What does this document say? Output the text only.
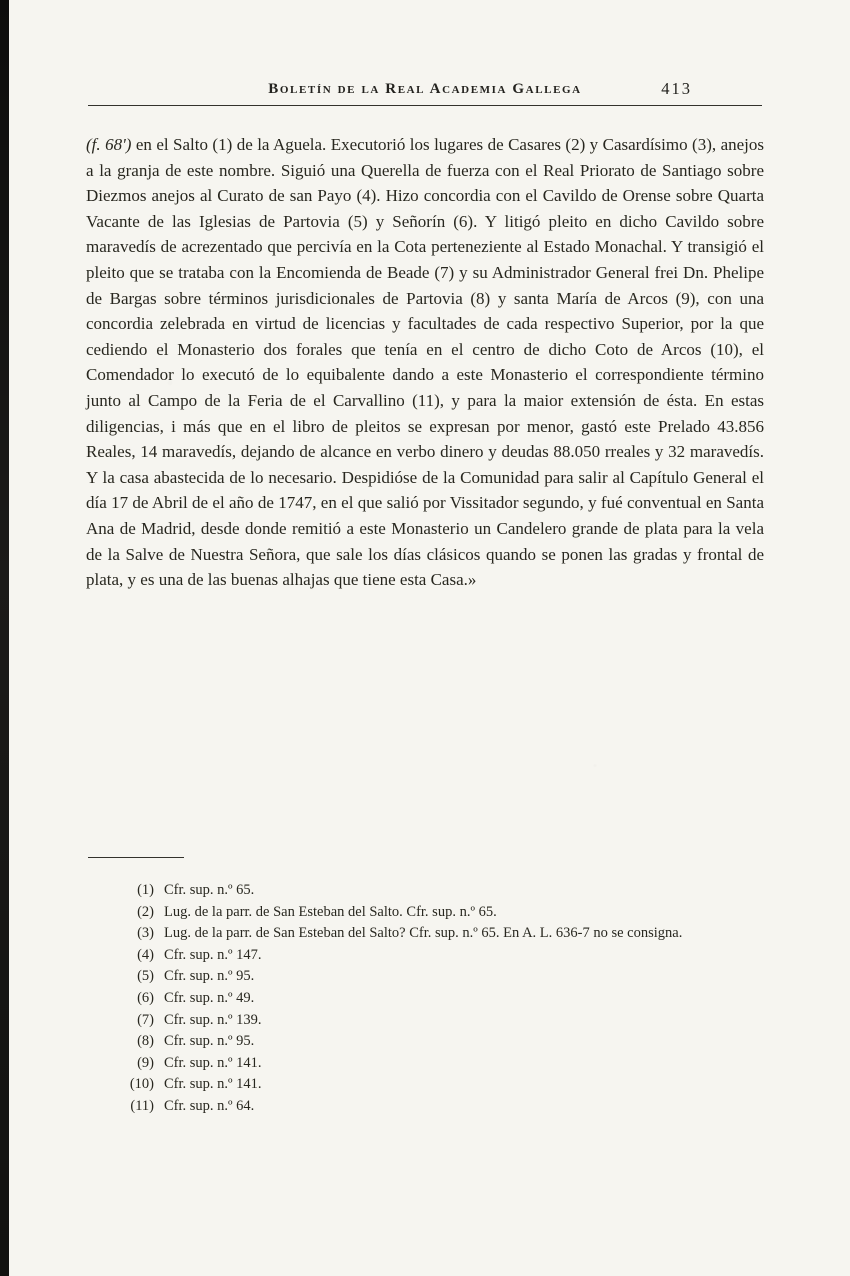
Boletín de la Real Academia Gallega	413

(f. 68') en el Salto (1) de la Aguela. Executorió los lugares de Casares (2) y Casardísimo (3), anejos a la granja de este nombre. Siguió una Querella de fuerza con el Real Priorato de Santiago sobre Diezmos anejos al Curato de san Payo (4). Hizo concordia con el Cavildo de Orense sobre Quarta Vacante de las Iglesias de Partovia (5) y Señorín (6). Y litigó pleito en dicho Cavildo sobre maravedís de acrezentado que percivía en la Cota perteneziente al Estado Monachal. Y transigió el pleito que se trataba con la Encomienda de Beade (7) y su Administrador General frei Dn. Phelipe de Bargas sobre términos jurisdicionales de Partovia (8) y santa María de Arcos (9), con una concordia zelebrada en virtud de licencias y facultades de cada respectivo Superior, por la que cediendo el Monasterio dos forales que tenía en el centro de dicho Coto de Arcos (10), el Comendador lo executó de lo equibalente dando a este Monasterio el correspondiente término junto al Campo de la Feria de el Carvallino (11), y para la maior extensión de ésta. En estas diligencias, i más que en el libro de pleitos se expresan por menor, gastó este Prelado 43.856 Reales, 14 maravedís, dejando de alcance en verbo dinero y deudas 88.050 rreales y 32 maravedís. Y la casa abastecida de lo necesario. Despidióse de la Comunidad para salir al Capítulo General el día 17 de Abril de el año de 1747, en el que salió por Vissitador segundo, y fué conventual en Santa Ana de Madrid, desde donde remitió a este Monasterio un Candelero grande de plata para la vela de la Salve de Nuestra Señora, que sale los días clásicos quando se ponen las gradas y frontal de plata, y es una de las buenas alhajas que tiene esta Casa.»

(1) Cfr. sup. n.º 65.

(2) Lug. de la parr. de San Esteban del Salto. Cfr. sup. n.º 65.

(3) Lug. de la parr. de San Esteban del Salto? Cfr. sup. n.º 65. En A. L. 636-7 no se consigna.

(4) Cfr. sup. n.º 147.

(5) Cfr. sup. n.º 95.

(6) Cfr. sup. n.º 49.

(7) Cfr. sup. n.º 139.

(8) Cfr. sup. n.º 95.

(9) Cfr. sup. n.º 141.

(10) Cfr. sup. n.º 141.

(11) Cfr. sup. n.º 64.
